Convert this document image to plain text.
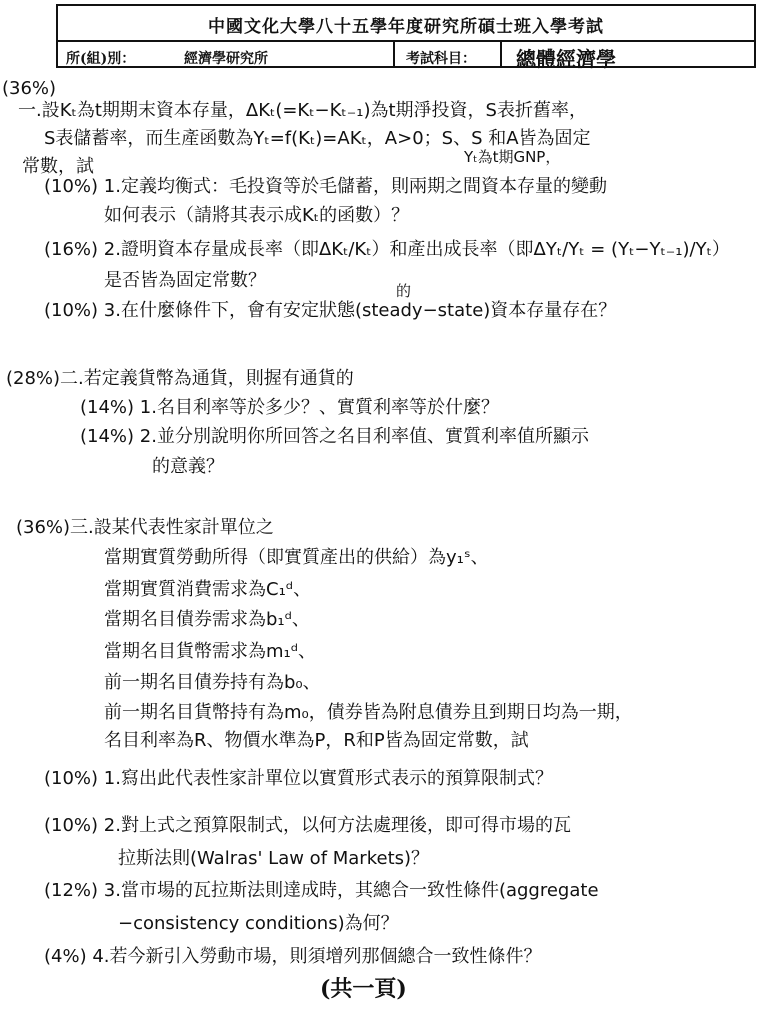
中國文化大學八十五學年度研究所碩士班入學考試
所(組)別：	經濟學研究所	考試科目： 總體經濟學
(36%)
一.設Kₜ為t期期末資本存量，ΔKₜ(=Kₜ−Kₜ₋₁)為t期淨投資，S表折舊率，
S表儲蓄率，而生產函數為Yₜ=f(Kₜ)=AKₜ，A>0；S、S 和A皆為固定
Yₜ為t期GNP，
常數，試
(10%) 1.定義均衡式：毛投資等於毛儲蓄，則兩期之間資本存量的變動
如何表示（請將其表示成Kₜ的函數）？
(16%) 2.證明資本存量成長率（即ΔKₜ/Kₜ）和產出成長率（即ΔYₜ/Yₜ = (Yₜ−Yₜ₋₁)/Yₜ）
是否皆為固定常數？	的
(10%) 3.在什麼條件下，會有安定狀態(steady−state)資本存量存在？
(28%)二.若定義貨幣為通貨，則握有通貨的
(14%) 1.名目利率等於多少？、實質利率等於什麼？
(14%) 2.並分別說明你所回答之名目利率值、實質利率值所顯示
的意義？
(36%)三.設某代表性家計單位之
當期實質勞動所得（即實質產出的供給）為y₁ˢ、
當期實質消費需求為C₁ᵈ、
當期名目債券需求為b₁ᵈ、
當期名目貨幣需求為m₁ᵈ、
前一期名目債券持有為b₀、
前一期名目貨幣持有為m₀，債券皆為附息債券且到期日均為一期，
名目利率為R、物價水準為P，R和P皆為固定常數，試
(10%) 1.寫出此代表性家計單位以實質形式表示的預算限制式？
(10%) 2.對上式之預算限制式，以何方法處理後，即可得市場的瓦
拉斯法則(Walras' Law of Markets)？
(12%) 3.當市場的瓦拉斯法則達成時，其總合一致性條件(aggregate
−consistency conditions)為何？
(4%) 4.若今新引入勞動市場，則須增列那個總合一致性條件？
(共一頁)
